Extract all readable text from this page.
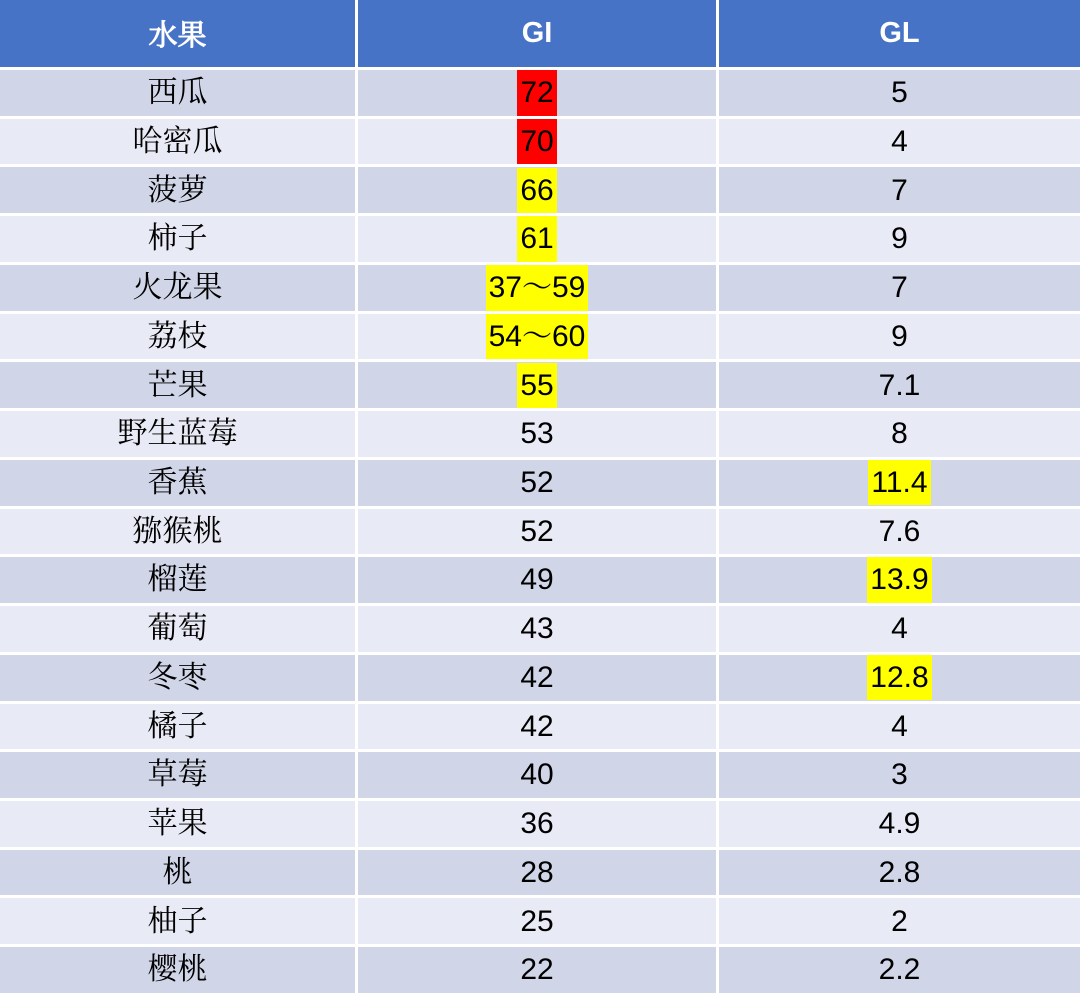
水果	GI	GL
西瓜	72	5
哈密瓜	70	4
菠萝	66	7
柿子	61	9
火龙果	37～59	7
荔枝	54～60	9
芒果	55	7.1
野生蓝莓	53	8
香蕉	52	11.4
猕猴桃	52	7.6
榴莲	49	13.9
葡萄	43	4
冬枣	42	12.8
橘子	42	4
草莓	40	3
苹果	36	4.9
桃	28	2.8
柚子	25	2
樱桃	22	2.2
